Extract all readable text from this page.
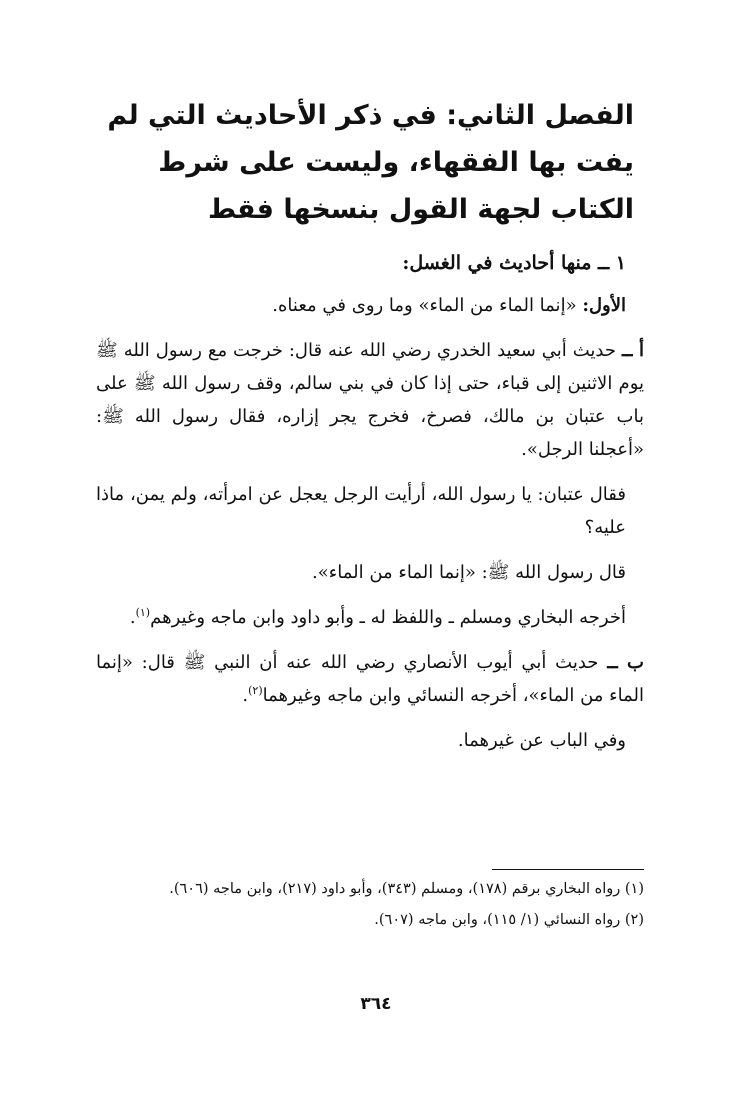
الفصل الثاني: في ذكر الأحاديث التي لم يفت بها الفقهاء، وليست على شرط الكتاب لجهة القول بنسخها فقط
١ ــ منها أحاديث في الغسل:
الأول: «إنما الماء من الماء» وما روى في معناه.
أ ــ حديث أبي سعيد الخدري رضي الله عنه قال: خرجت مع رسول الله ﷺ يوم الاثنين إلى قباء، حتى إذا كان في بني سالم، وقف رسول الله ﷺ على باب عتبان بن مالك، فصرخ، فخرج يجر إزاره، فقال رسول الله ﷺ: «أعجلنا الرجل».
فقال عتبان: يا رسول الله، أرأيت الرجل يعجل عن امرأته، ولم يمن، ماذا عليه؟
قال رسول الله ﷺ: «إنما الماء من الماء».
أخرجه البخاري ومسلم ـ واللفظ له ـ وأبو داود وابن ماجه وغيرهم$^{(١)}$.
ب ــ حديث أبي أيوب الأنصاري رضي الله عنه أن النبي ﷺ قال: «إنما الماء من الماء»، أخرجه النسائي وابن ماجه وغيرهما$^{(٢)}$.
وفي الباب عن غيرهما.
(١) رواه البخاري برقم (١٧٨)، ومسلم (٣٤٣)، وأبو داود (٢١٧)، وابن ماجه (٦٠٦).
(٢) رواه النسائي (١/ ١١٥)، وابن ماجه (٦٠٧).
٣٦٤
